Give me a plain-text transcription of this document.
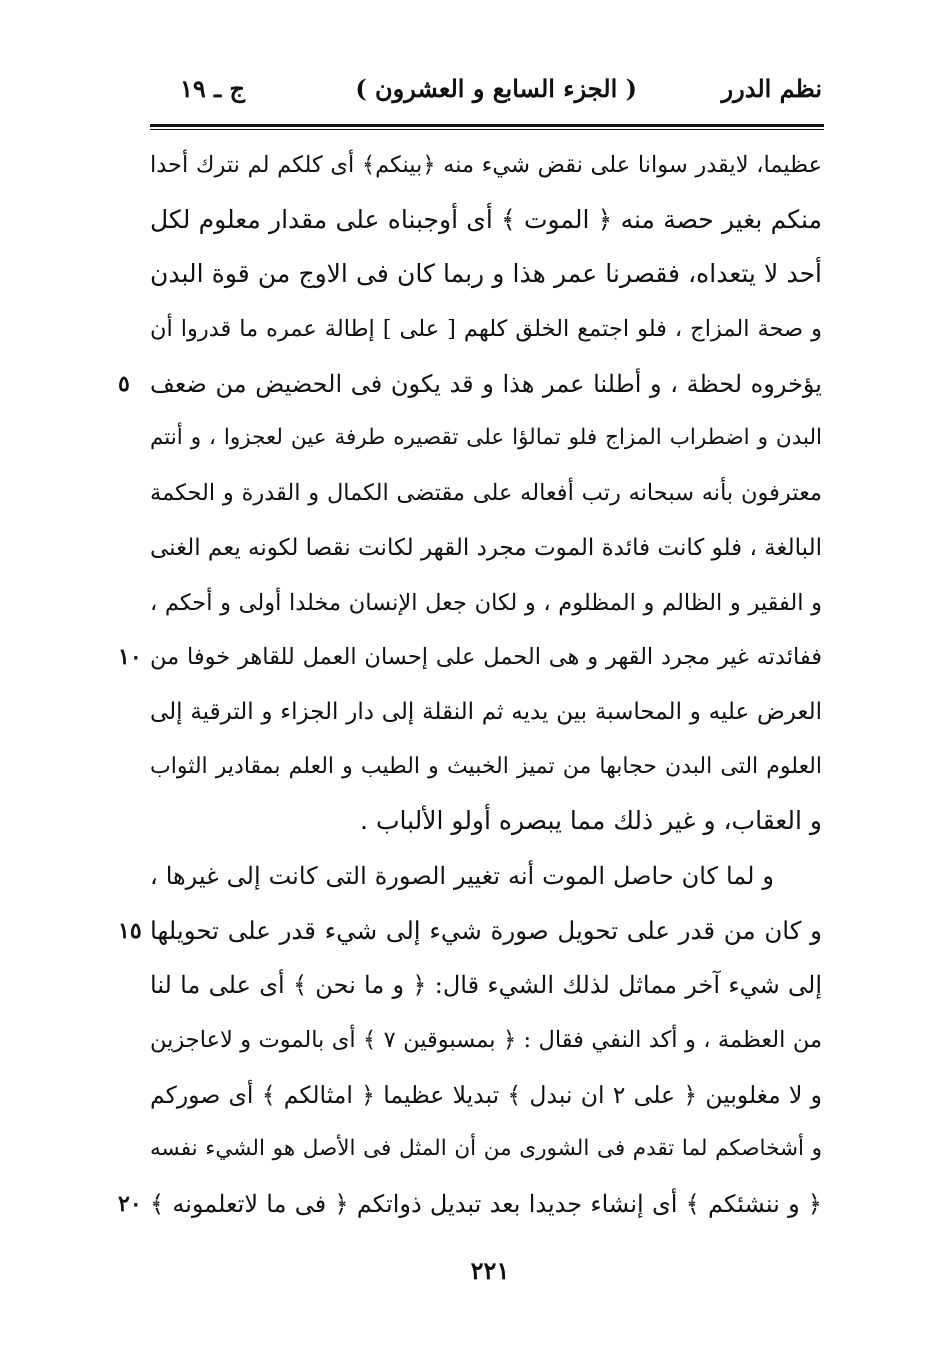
نظم الدرر
( الجزء السابع و العشرون )
ج ـ ١٩
عظيما، لايقدر سوانا على نقض شيء منه ﴿بينكم﴾ أى كلكم لم نترك أحدا
منكم بغير حصة منه ﴿ الموت ﴾ أى أوجبناه على مقدار معلوم لكل
أحد لا يتعداه، فقصرنا عمر هذا و ربما كان فى الاوج من قوة البدن
و صحة المزاج ، فلو اجتمع الخلق كلهم [ على ] إطالة عمره ما قدروا أن
يؤخروه لحظة ، و أطلنا عمر هذا و قد يكون فى الحضيض من ضعف
٥
البدن و اضطراب المزاج فلو تمالؤا على تقصيره طرفة عين لعجزوا ، و أنتم
معترفون بأنه سبحانه رتب أفعاله على مقتضى الكمال و القدرة و الحكمة
البالغة ، فلو كانت فائدة الموت مجرد القهر لكانت نقصا لكونه يعم الغنى
و الفقير و الظالم و المظلوم ، و لكان جعل الإنسان مخلدا أولى و أحكم ،
ففائدته غير مجرد القهر و هى الحمل على إحسان العمل للقاهر خوفا من
١٠
العرض عليه و المحاسبة بين يديه ثم النقلة إلى دار الجزاء و الترقية إلى
العلوم التى البدن حجابها من تميز الخبيث و الطيب و العلم بمقادير الثواب
و العقاب، و غير ذلك مما يبصره أولو الألباب .
و لما كان حاصل الموت أنه تغيير الصورة التى كانت إلى غيرها ،
و كان من قدر على تحويل صورة شيء إلى شيء قدر على تحويلها
١٥
إلى شيء آخر مماثل لذلك الشيء قال: ﴿ و ما نحن ﴾ أى على ما لنا
من العظمة ، و أكد النفي فقال : ﴿ بمسبوقين ٧ ﴾ أى بالموت و لاعاجزين
و لا مغلوبين ﴿ على ٢ ان نبدل ﴾ تبديلا عظيما ﴿ امثالكم ﴾ أى صوركم
و أشخاصكم لما تقدم فى الشورى من أن المثل فى الأصل هو الشيء نفسه
﴿ و ننشئكم ﴾ أى إنشاء جديدا بعد تبديل ذواتكم ﴿ فى ما لاتعلمونه ﴾
٢٠
٢٢١
